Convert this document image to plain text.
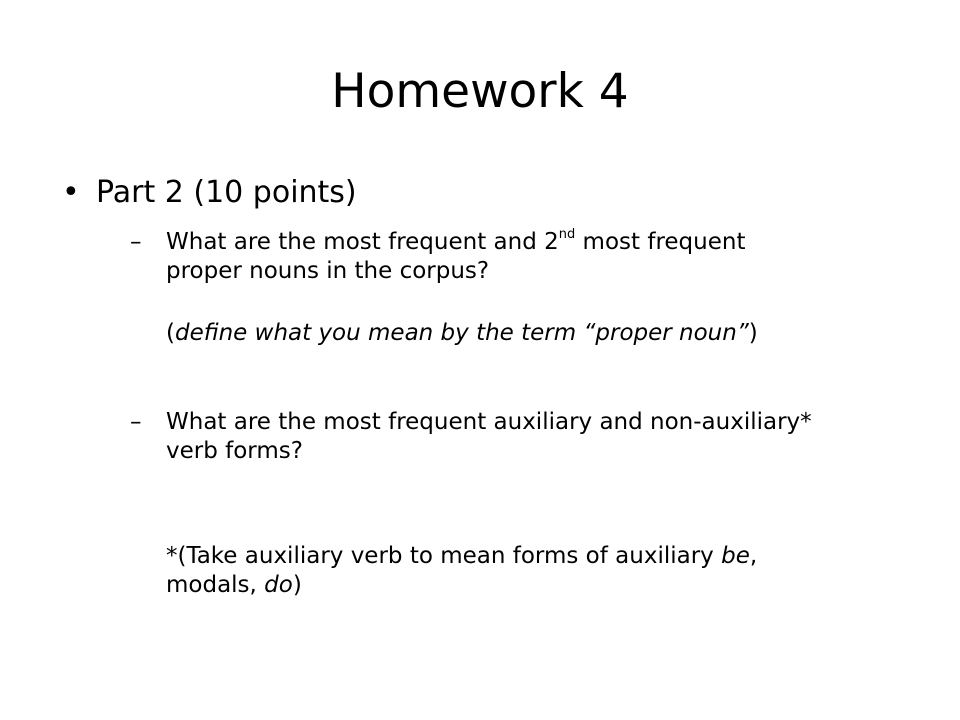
Homework 4
• Part 2 (10 points)
– What are the most frequent and 2nd most frequent
proper nouns in the corpus?
(define what you mean by the term “proper noun”)
– What are the most frequent auxiliary and non-auxiliary*
verb forms?
*(Take auxiliary verb to mean forms of auxiliary be,
modals, do)
